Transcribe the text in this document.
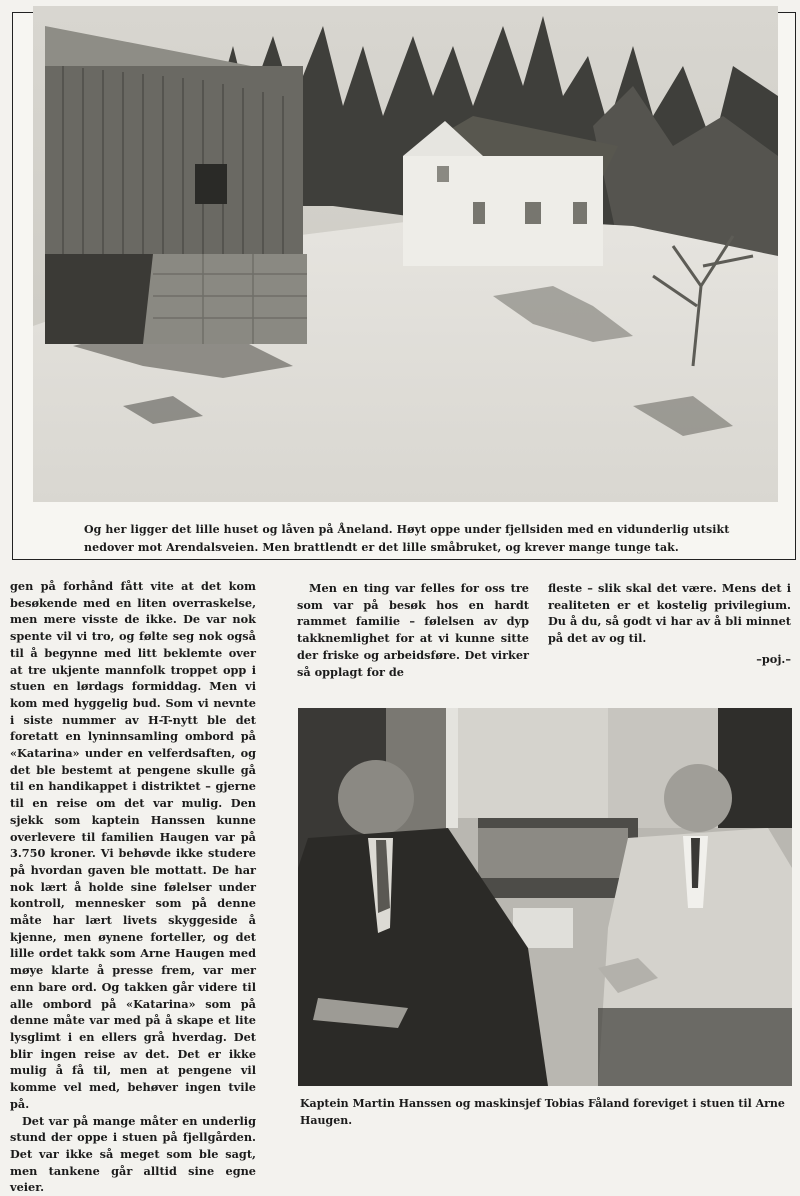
Og her ligger det lille huset og låven på Åneland. Høyt oppe under fjellsiden med en vidunderlig utsikt nedover mot Arendalsveien. Men brattlendt er det lille småbruket, og krever mange tunge tak.

gen på forhånd fått vite at det kom besøkende med en liten overraskelse, men mere visste de ikke. De var nok spente vil vi tro, og følte seg nok også til å begynne med litt beklemte over at tre ukjente mannfolk troppet opp i stuen en lørdags formiddag. Men vi kom med hyggelig bud. Som vi nevnte i siste nummer av H-T-nytt ble det foretatt en lyninnsamling ombord på «Katarina» under en velferdsaften, og det ble bestemt at pengene skulle gå til en handikappet i distriktet – gjerne til en reise om det var mulig. Den sjekk som kaptein Hanssen kunne overlevere til familien Haugen var på 3.750 kroner. Vi behøvde ikke studere på hvordan gaven ble mottatt. De har nok lært å holde sine følelser under kontroll, mennesker som på denne måte har lært livets skyggeside å kjenne, men øynene forteller, og det lille ordet takk som Arne Haugen med møye klarte å presse frem, var mer enn bare ord. Og takken går videre til alle ombord på «Katarina» som på denne måte var med på å skape et lite lysglimt i en ellers grå hverdag. Det blir ingen reise av det. Det er ikke mulig å få til, men at pengene vil komme vel med, behøver ingen tvile på.

Det var på mange måter en underlig stund der oppe i stuen på fjellgården. Det var ikke så meget som ble sagt, men tankene går alltid sine egne veier.

Men en ting var felles for oss tre som var på besøk hos en hardt rammet familie – følelsen av dyp takknemlighet for at vi kunne sitte der friske og arbeidsføre. Det virker så opplagt for de

fleste – slik skal det være. Mens det i realiteten er et kostelig privilegium. Du å du, så godt vi har av å bli minnet på det av og til.

–poj.–

Kaptein Martin Hanssen og maskinsjef Tobias Fåland foreviget i stuen til Arne Haugen.
